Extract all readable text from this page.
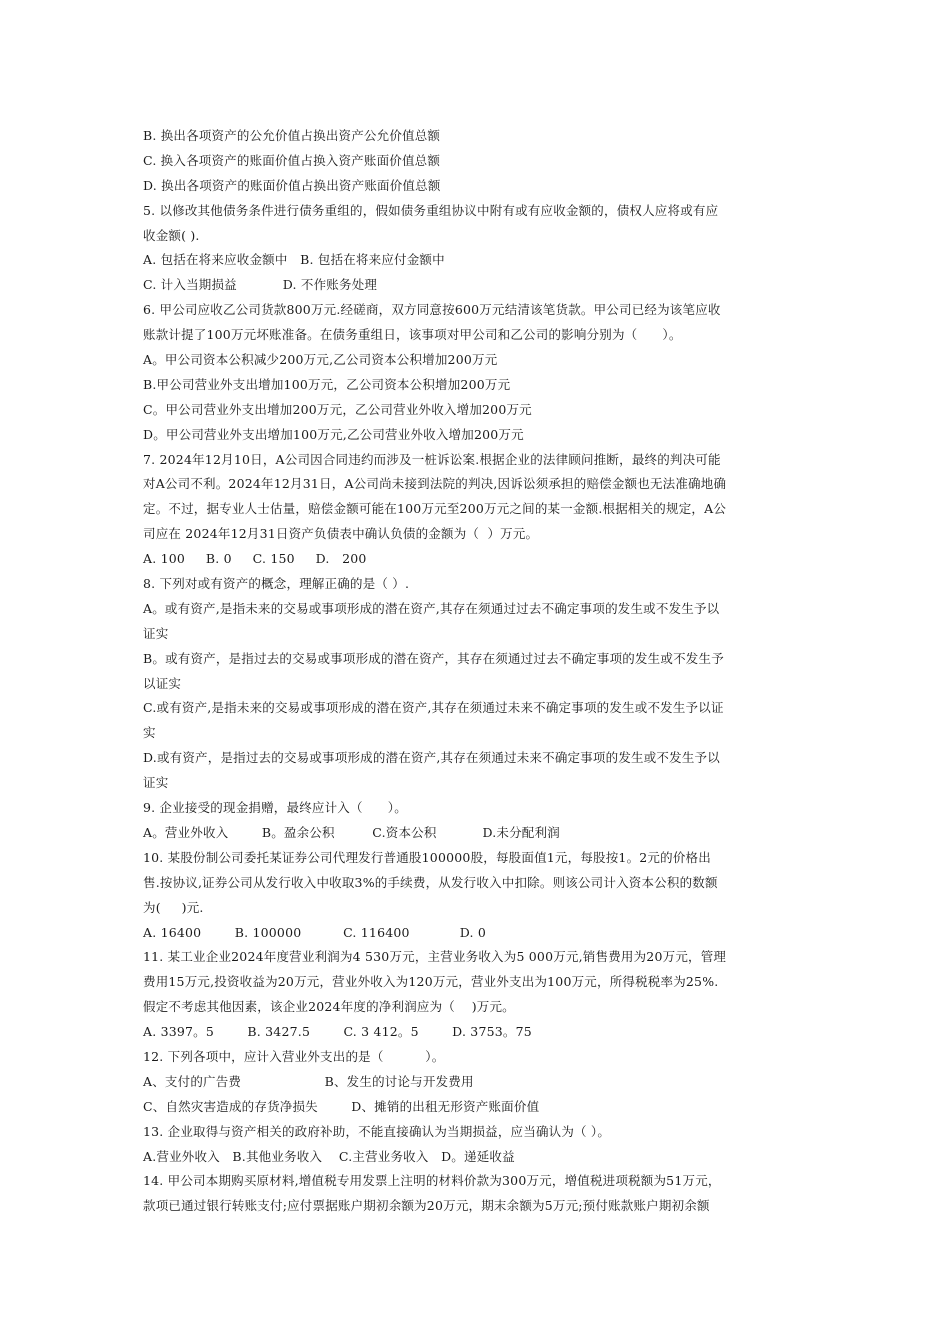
B. 换出各项资产的公允价值占换出资产公允价值总额
C. 换入各项资产的账面价值占换入资产账面价值总额
D. 换出各项资产的账面价值占换出资产账面价值总额
5. 以修改其他债务条件进行债务重组的，假如债务重组协议中附有或有应收金额的，债权人应将或有应
收金额( ).
A. 包括在将来应收金额中   B. 包括在将来应付金额中
C. 计入当期损益           D. 不作账务处理
6. 甲公司应收乙公司货款800万元.经磋商，双方同意按600万元结清该笔货款。甲公司已经为该笔应收
账款计提了100万元坏账准备。在债务重组日，该事项对甲公司和乙公司的影响分别为（      ）。
A。甲公司资本公积减少200万元,乙公司资本公积增加200万元
B.甲公司营业外支出增加100万元，乙公司资本公积增加200万元
C。甲公司营业外支出增加200万元，乙公司营业外收入增加200万元
D。甲公司营业外支出增加100万元,乙公司营业外收入增加200万元
7. 2024年12月10日，A公司因合同违约而涉及一桩诉讼案.根据企业的法律顾问推断，最终的判决可能
对A公司不利。2024年12月31日，A公司尚未接到法院的判决,因诉讼须承担的赔偿金额也无法准确地确
定。不过，据专业人士估量，赔偿金额可能在100万元至200万元之间的某一金额.根据相关的规定，A公
司应在 2024年12月31日资产负债表中确认负债的金额为（  ）万元。
A. 100     B. 0     C. 150     D.   200
8. 下列对或有资产的概念，理解正确的是（ ）.
A。或有资产,是指未来的交易或事项形成的潜在资产,其存在须通过过去不确定事项的发生或不发生予以
证实
B。或有资产，是指过去的交易或事项形成的潜在资产，其存在须通过过去不确定事项的发生或不发生予
以证实
C.或有资产,是指未来的交易或事项形成的潜在资产,其存在须通过未来不确定事项的发生或不发生予以证
实
D.或有资产，是指过去的交易或事项形成的潜在资产,其存在须通过未来不确定事项的发生或不发生予以
证实
9. 企业接受的现金捐赠，最终应计入（      ）。
A。营业外收入        B。盈余公积         C.资本公积           D.未分配利润
10. 某股份制公司委托某证券公司代理发行普通股100000股，每股面值1元，每股按1。2元的价格出
售.按协议,证券公司从发行收入中收取3%的手续费，从发行收入中扣除。则该公司计入资本公积的数额
为(     )元.
A. 16400        B. 100000          C. 116400            D. 0
11. 某工业企业2024年度营业利润为4 530万元，主营业务收入为5 000万元,销售费用为20万元，管理
费用15万元,投资收益为20万元，营业外收入为120万元，营业外支出为100万元，所得税税率为25%.
假定不考虑其他因素，该企业2024年度的净利润应为（    )万元。
A. 3397。5        B. 3427.5        C. 3 412。5        D. 3753。75
12. 下列各项中，应计入营业外支出的是（          ）。
A、支付的广告费                    B、发生的讨论与开发费用
C、自然灾害造成的存货净损失        D、摊销的出租无形资产账面价值
13. 企业取得与资产相关的政府补助，不能直接确认为当期损益，应当确认为（ ）。
A.营业外收入   B.其他业务收入    C.主营业务收入   D。递延收益
14. 甲公司本期购买原材料,增值税专用发票上注明的材料价款为300万元，增值税进项税额为51万元，
款项已通过银行转账支付;应付票据账户期初余额为20万元，期末余额为5万元;预付账款账户期初余额
